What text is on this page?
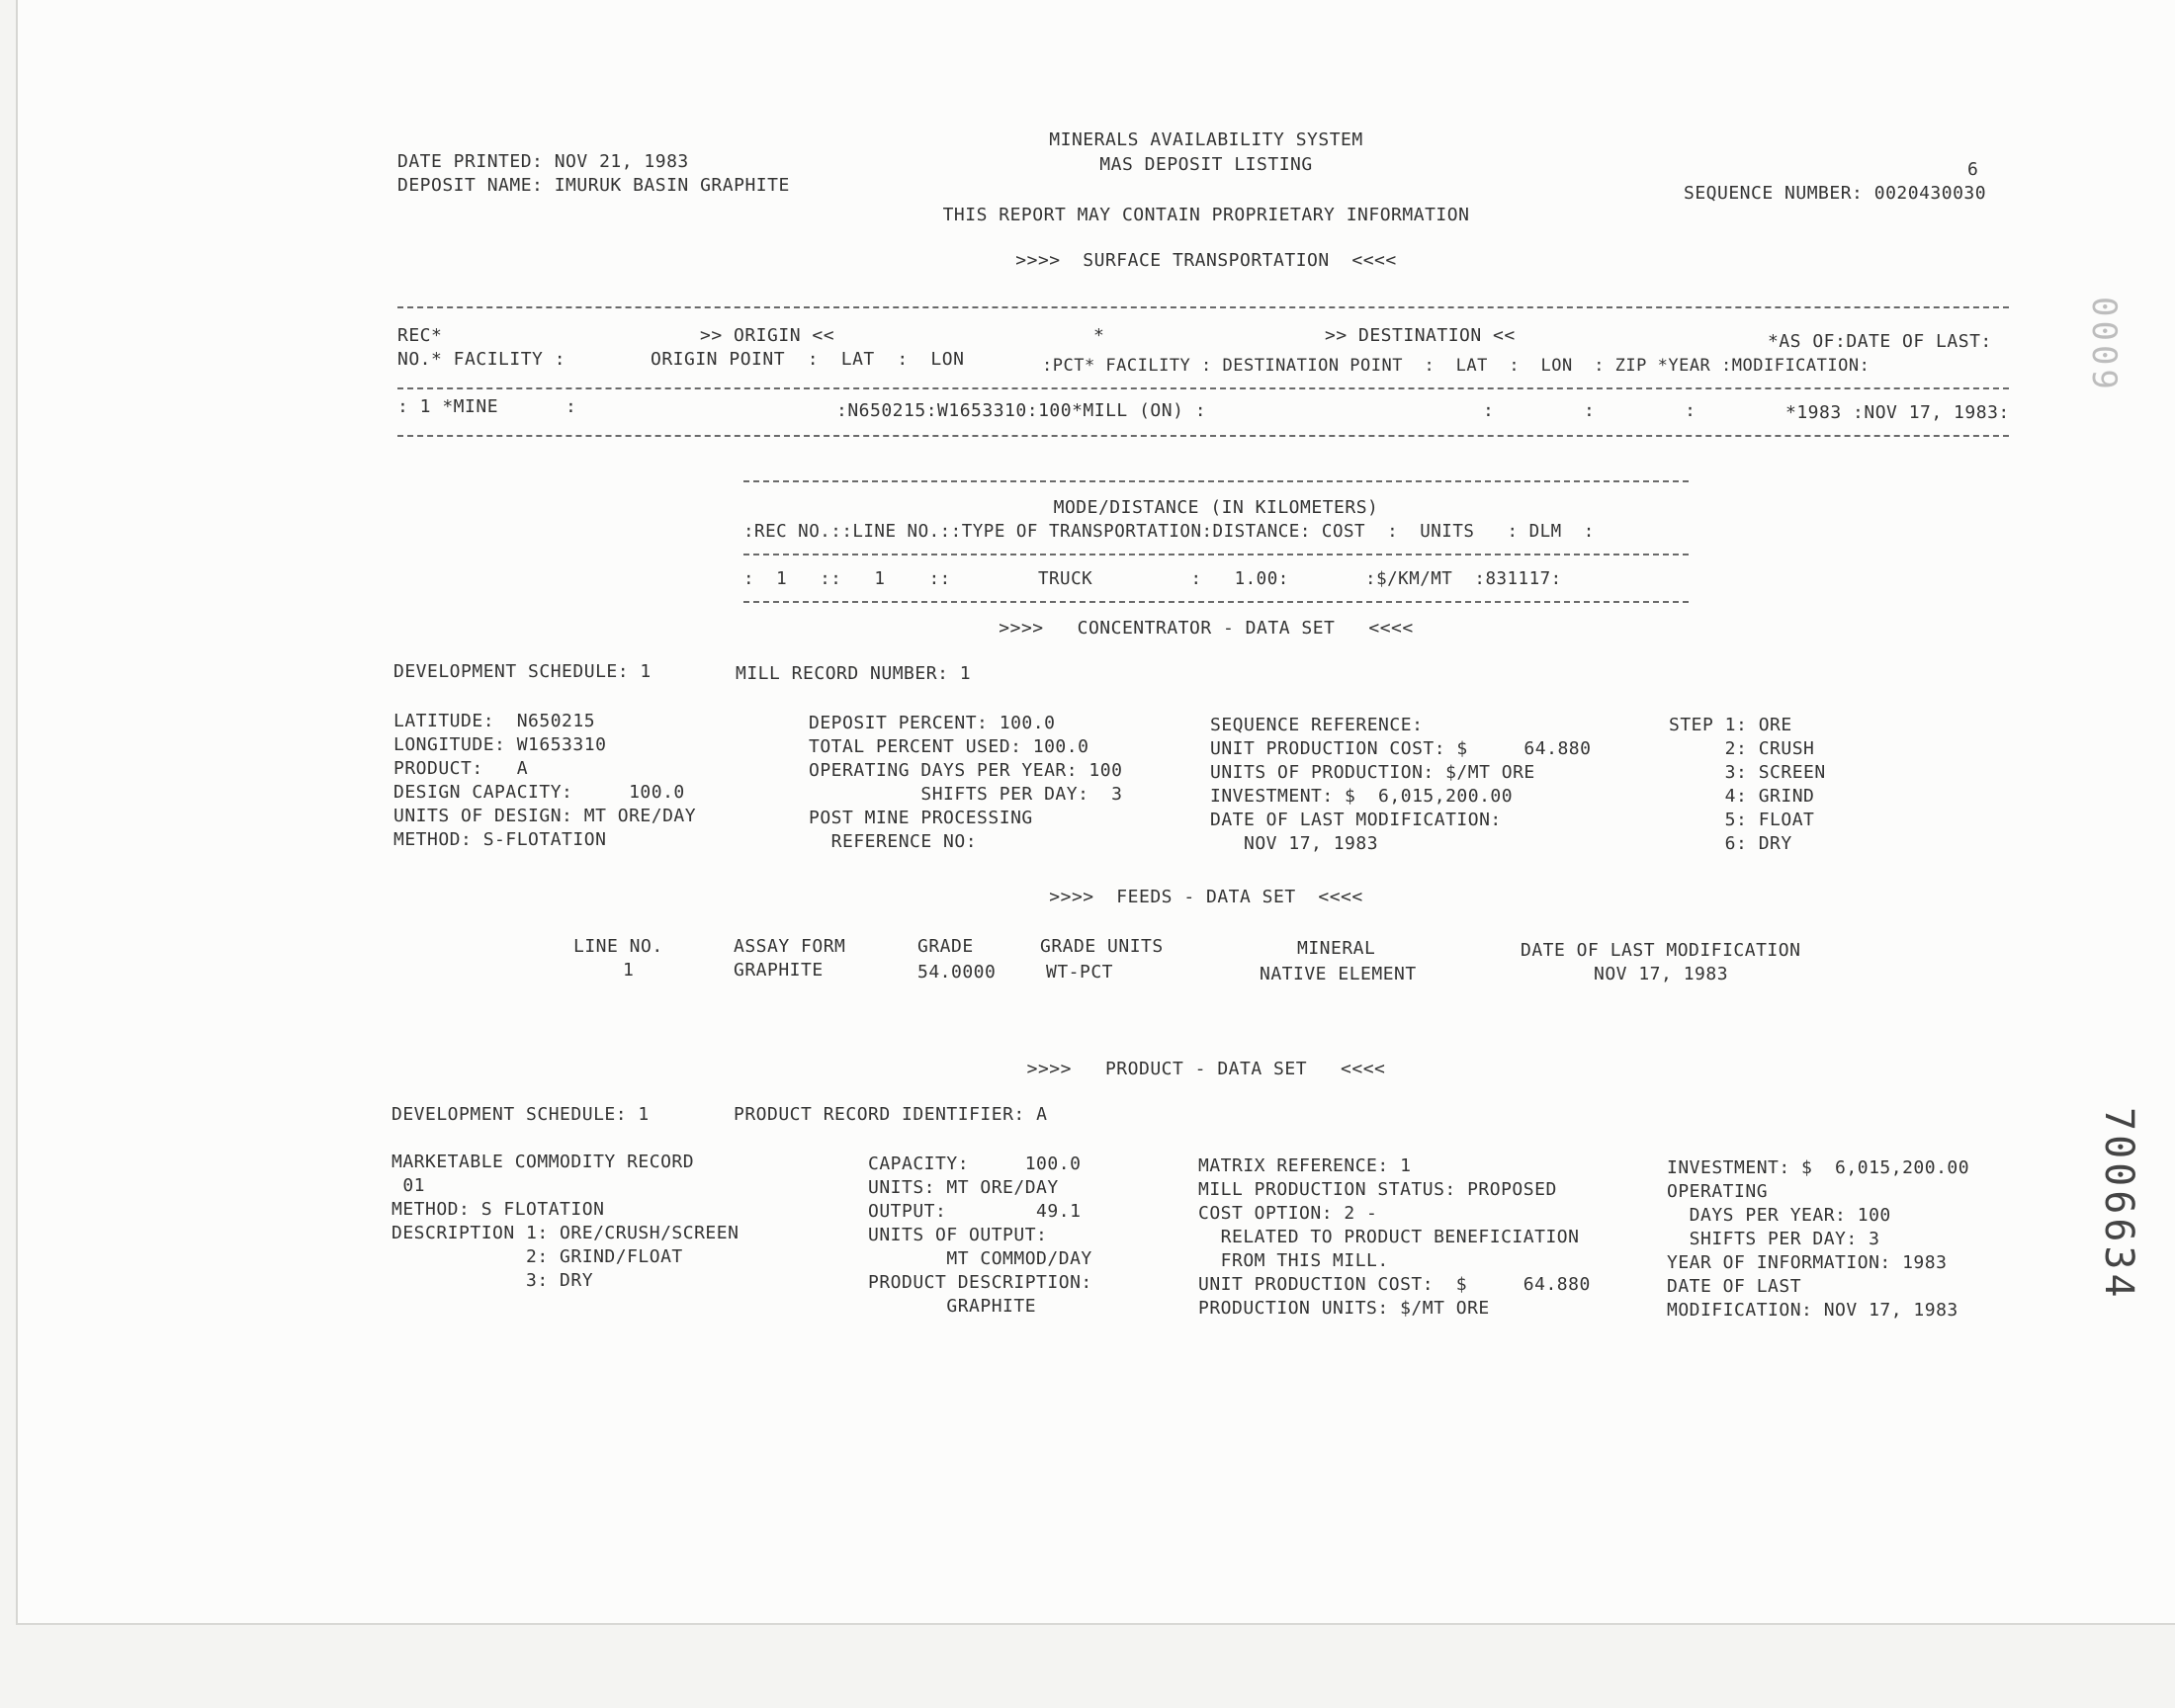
DATE PRINTED: NOV 21, 1983
DEPOSIT NAME: IMURUK BASIN GRAPHITE
MINERALS AVAILABILITY SYSTEM
MAS DEPOSIT LISTING	6
SEQUENCE NUMBER: 0020430030
THIS REPORT MAY CONTAIN PROPRIETARY INFORMATION
>>>>  SURFACE TRANSPORTATION  <<<<
REC*	>> ORIGIN <<	*	>> DESTINATION <<	*AS OF:DATE OF LAST:
NO.* FACILITY :	ORIGIN POINT  :  LAT  :  LON	:PCT* FACILITY : DESTINATION POINT  :  LAT  :  LON  : ZIP *YEAR :MODIFICATION:
: 1 *MINE      :	:N650215:W1653310:100*MILL (ON) :	:        :        :	*1983 :NOV 17, 1983:
MODE/DISTANCE (IN KILOMETERS)
:REC NO.::LINE NO.::TYPE OF TRANSPORTATION:DISTANCE: COST  :  UNITS   : DLM  :
:  1   ::   1    ::        TRUCK         :   1.00:       :$/KM/MT  :831117:
>>>>   CONCENTRATOR - DATA SET   <<<<
DEVELOPMENT SCHEDULE: 1	MILL RECORD NUMBER: 1
LATITUDE:  N650215
LONGITUDE: W1653310
PRODUCT:   A
DESIGN CAPACITY:     100.0
UNITS OF DESIGN: MT ORE/DAY
METHOD: S-FLOTATION
DEPOSIT PERCENT: 100.0
TOTAL PERCENT USED: 100.0
OPERATING DAYS PER YEAR: 100
SHIFTS PER DAY:  3
POST MINE PROCESSING
REFERENCE NO:
SEQUENCE REFERENCE:
UNIT PRODUCTION COST: $     64.880
UNITS OF PRODUCTION: $/MT ORE
INVESTMENT: $  6,015,200.00
DATE OF LAST MODIFICATION:
NOV 17, 1983
STEP 1: ORE
2: CRUSH
3: SCREEN
4: GRIND
5: FLOAT
6: DRY
>>>>  FEEDS - DATA SET  <<<<
LINE NO.	ASSAY FORM	GRADE	GRADE UNITS	MINERAL	DATE OF LAST MODIFICATION
1	GRAPHITE	54.0000	WT-PCT	NATIVE ELEMENT	NOV 17, 1983
>>>>   PRODUCT - DATA SET   <<<<
DEVELOPMENT SCHEDULE: 1	PRODUCT RECORD IDENTIFIER: A
MARKETABLE COMMODITY RECORD
01
METHOD: S FLOTATION
DESCRIPTION 1: ORE/CRUSH/SCREEN
2: GRIND/FLOAT
3: DRY
CAPACITY:     100.0
UNITS: MT ORE/DAY
OUTPUT:        49.1
UNITS OF OUTPUT:
MT COMMOD/DAY
PRODUCT DESCRIPTION:
GRAPHITE
MATRIX REFERENCE: 1
MILL PRODUCTION STATUS: PROPOSED
COST OPTION: 2 -
RELATED TO PRODUCT BENEFICIATION
FROM THIS MILL.
UNIT PRODUCTION COST:  $     64.880
PRODUCTION UNITS: $/MT ORE
INVESTMENT: $  6,015,200.00
OPERATING
DAYS PER YEAR: 100
SHIFTS PER DAY: 3
YEAR OF INFORMATION: 1983
DATE OF LAST
MODIFICATION: NOV 17, 1983
0009
7006634
